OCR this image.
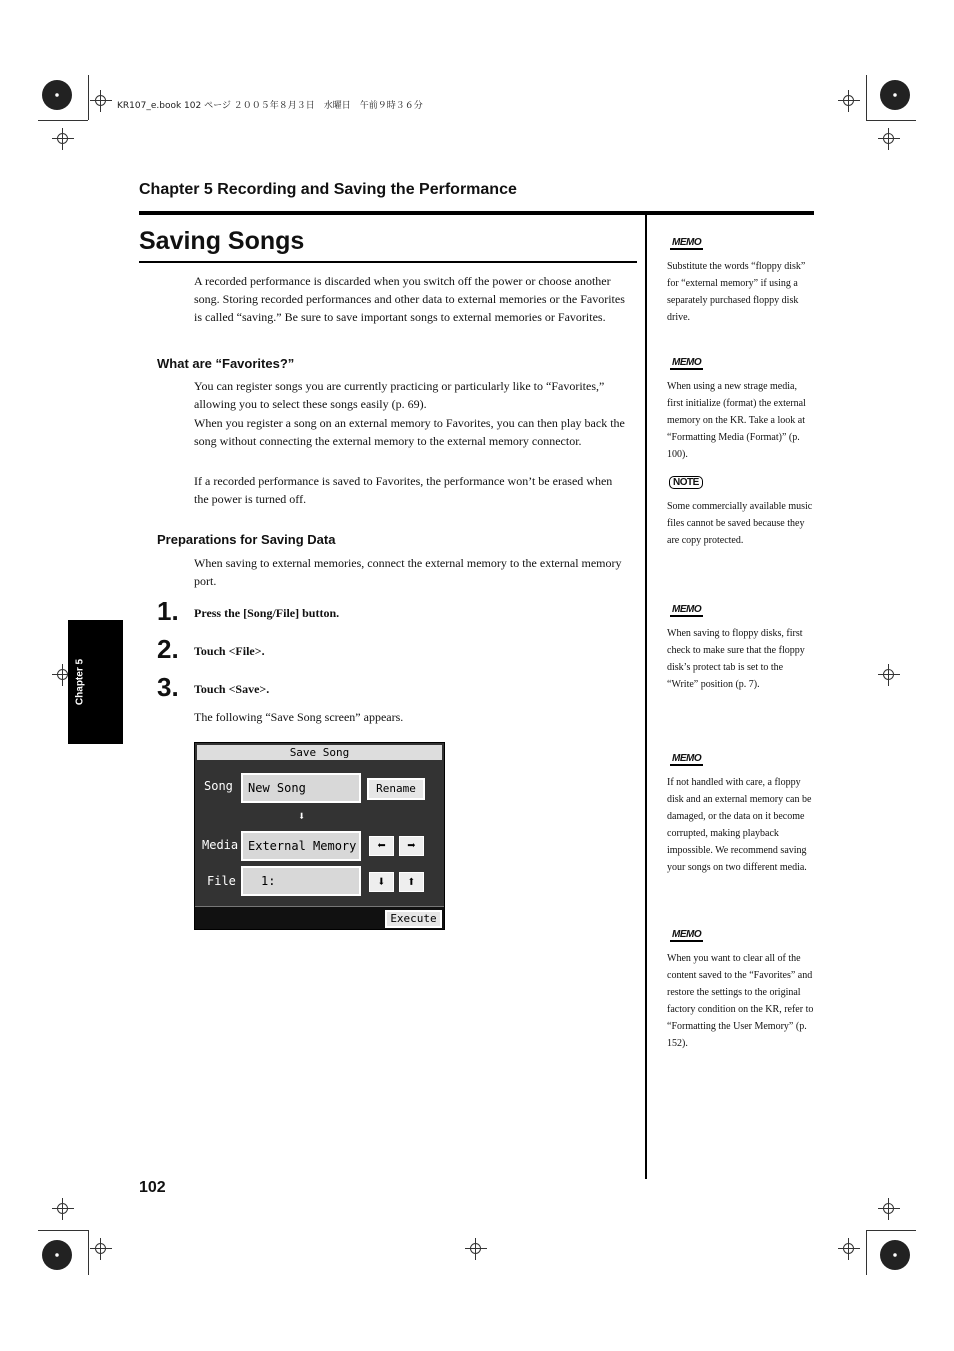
KR107_e.book 102 ページ ２００５年８月３日　水曜日　午前９時３６分
Chapter 5 Recording and Saving the Performance
Saving Songs
A recorded performance is discarded when you switch off the power or choose another song. Storing recorded performances and other data to external memories or the Favorites is called “saving.” Be sure to save important songs to external memories or Favorites.
What are “Favorites?”
You can register songs you are currently practicing or particularly like to “Favorites,” allowing you to select these songs easily (p. 69).
When you register a song on an external memory to Favorites, you can then play back the song without connecting the external memory to the external memory connector.
If a recorded performance is saved to Favorites, the performance won’t be erased when the power is turned off.
Preparations for Saving Data
When saving to external memories, connect the external memory to the external memory port.
1. Press the [Song/File] button.
2. Touch <File>.
3. Touch <Save>.
The following “Save Song screen” appears.
Save Song
Song	New Song	Rename
⬇
Media External Memory	⬅	➡
File	1:	⬇	⬆
Execute
Chapter 5
102
MEMO
Substitute the words “floppy disk” for “external memory” if using a separately purchased floppy disk drive.
MEMO
When using a new strage media, first initialize (format) the external memory on the KR. Take a look at “Formatting Media (Format)” (p. 100).
NOTE
Some commercially available music files cannot be saved because they are copy protected.
MEMO
When saving to floppy disks, first check to make sure that the floppy disk’s protect tab is set to the “Write” position (p. 7).
MEMO
If not handled with care, a floppy disk and an external memory can be damaged, or the data on it become corrupted, making playback impossible. We recommend saving your songs on two different media.
MEMO
When you want to clear all of the content saved to the “Favorites” and restore the settings to the original factory condition on the KR, refer to “Formatting the User Memory” (p. 152).
